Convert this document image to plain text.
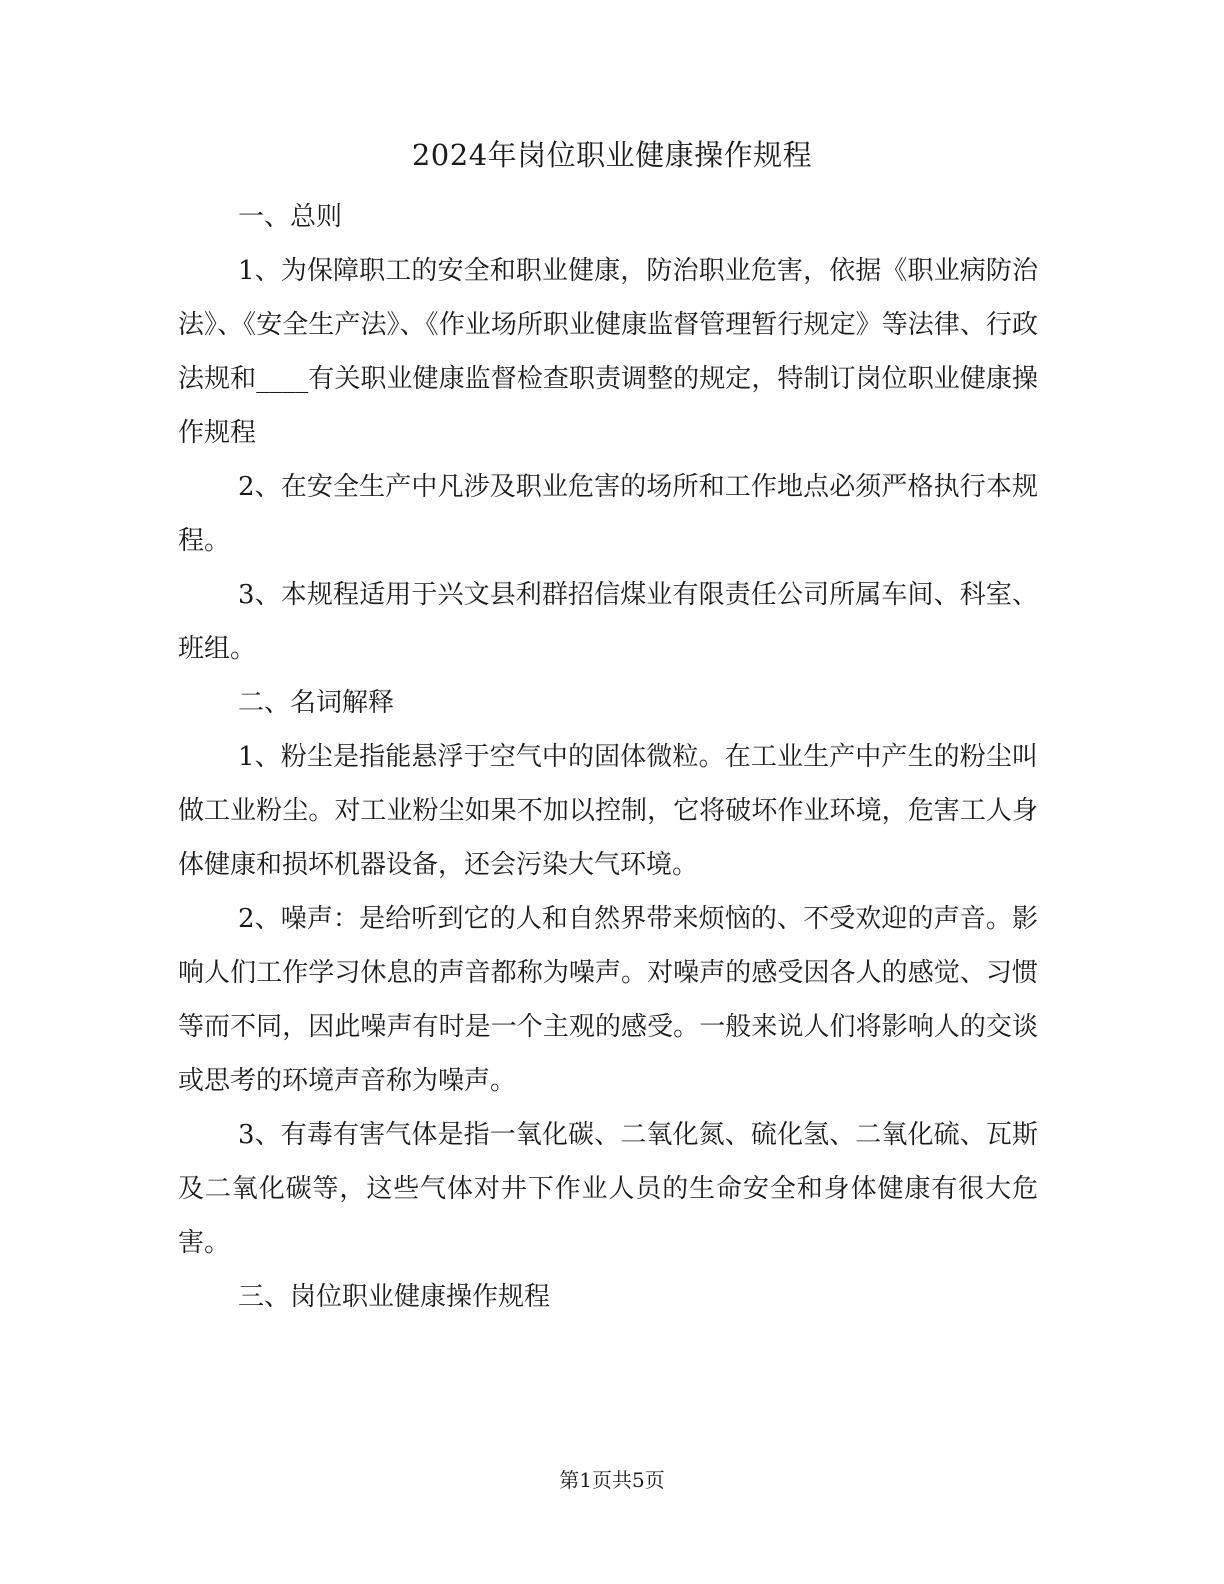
2024年岗位职业健康操作规程

一、总则

1、为保障职工的安全和职业健康，防治职业危害，依据《职业病防治法》、《安全生产法》、《作业场所职业健康监督管理暂行规定》等法律、行政法规和____有关职业健康监督检查职责调整的规定，特制订岗位职业健康操作规程

2、在安全生产中凡涉及职业危害的场所和工作地点必须严格执行本规程。

3、本规程适用于兴文县利群招信煤业有限责任公司所属车间、科室、班组。

二、名词解释

1、粉尘是指能悬浮于空气中的固体微粒。在工业生产中产生的粉尘叫做工业粉尘。对工业粉尘如果不加以控制，它将破坏作业环境，危害工人身体健康和损坏机器设备，还会污染大气环境。

2、噪声：是给听到它的人和自然界带来烦恼的、不受欢迎的声音。影响人们工作学习休息的声音都称为噪声。对噪声的感受因各人的感觉、习惯等而不同，因此噪声有时是一个主观的感受。一般来说人们将影响人的交谈或思考的环境声音称为噪声。

3、有毒有害气体是指一氧化碳、二氧化氮、硫化氢、二氧化硫、瓦斯及二氧化碳等，这些气体对井下作业人员的生命安全和身体健康有很大危害。

三、岗位职业健康操作规程

第1页共5页
